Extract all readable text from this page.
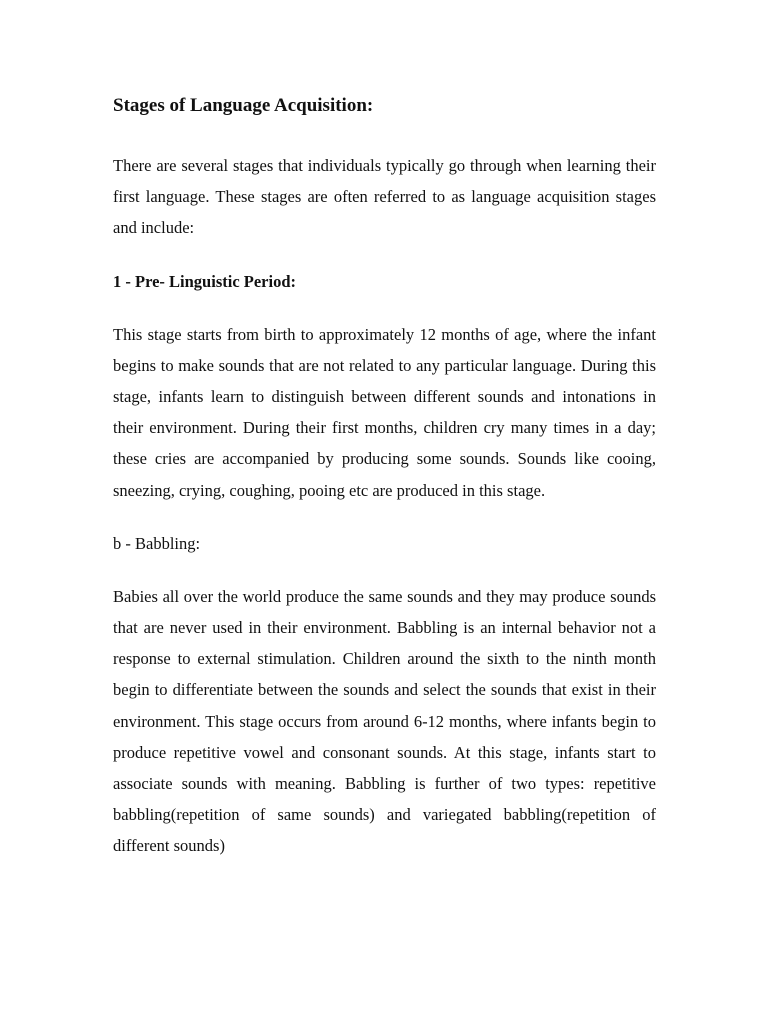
Stages of Language Acquisition:

There are several stages that individuals typically go through when learning their first language. These stages are often referred to as language acquisition stages and include:

1 - Pre- Linguistic Period:

This stage starts from birth to approximately 12 months of age, where the infant begins to make sounds that are not related to any particular language. During this stage, infants learn to distinguish between different sounds and intonations in their environment. During their first months, children cry many times in a day; these cries are accompanied by producing some sounds. Sounds like cooing, sneezing, crying, coughing, pooing etc are produced in this stage.

b - Babbling:

Babies all over the world produce the same sounds and they may produce sounds that are never used in their environment. Babbling is an internal behavior not a response to external stimulation. Children around the sixth to the ninth month begin to differentiate between the sounds and select the sounds that exist in their environment. This stage occurs from around 6-12 months, where infants begin to produce repetitive vowel and consonant sounds. At this stage, infants start to associate sounds with meaning. Babbling is further of two types: repetitive babbling(repetition of same sounds) and variegated babbling(repetition of different sounds)
